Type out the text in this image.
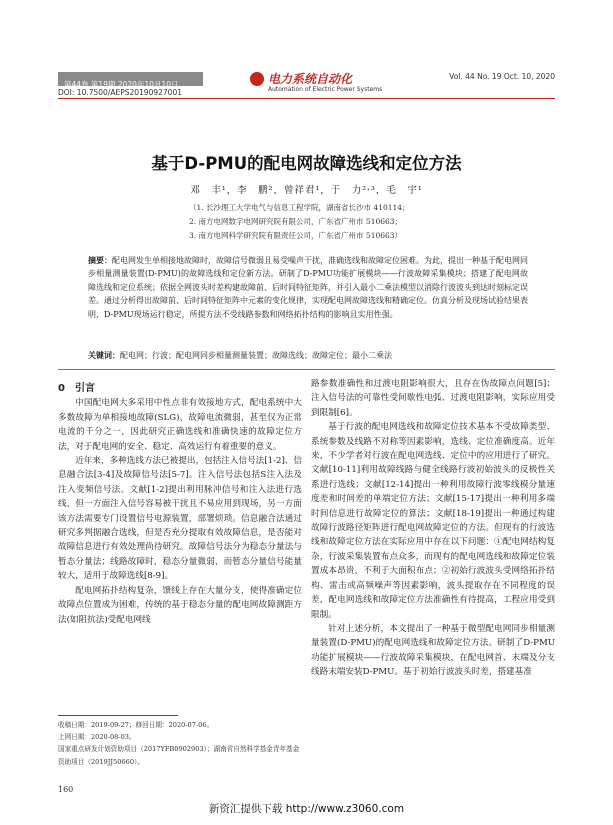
第44卷 第19期 2020年10月10日
DOI: 10.7500/AEPS20190927001
电力系统自动化
Automation of Electric Power Systems
Vol. 44 No. 19 Oct. 10, 2020
基于D-PMU的配电网故障选线和定位方法
邓　丰¹，李　鹏²，曾祥君¹，于　力²˒³，毛　宇¹
（1. 长沙理工大学电气与信息工程学院，湖南省长沙市 410114；
2. 南方电网数字电网研究院有限公司，广东省广州市 510663；
3. 南方电网科学研究院有限责任公司，广东省广州市 510663）
摘要：配电网发生单相接地故障时，故障信号微弱且易受噪声干扰，准确选线和故障定位困难。为此，提出一种基于配电网同步相量测量装置(D-PMU)的故障选线和定位新方法。研制了D-PMU功能扩展模块——行波故障采集模块；搭建了配电网故障选线和定位系统；依据全网波头时差构建故障前、后时间特征矩阵，并引入最小二乘法模型以消除行波波头到达时刻标定误差。通过分析得出故障前、后时间特征矩阵中元素的变化规律，实现配电网故障选线和精确定位。仿真分析及现场试验结果表明，D-PMU现场运行稳定，所提方法不受线路参数和网络拓扑结构的影响且实用性强。
关键词：配电网；行波；配电网同步相量测量装置；故障选线；故障定位；最小二乘法

0　引言

中国配电网大多采用中性点非有效接地方式，配电系统中大多数故障为单相接地故障(SLG)，故障电流微弱，甚至仅为正常电流的千分之一，因此研究正确选线和准确快速的故障定位方法，对于配电网的安全、稳定、高效运行有着重要的意义。

近年来，多种选线方法已被提出，包括注入信号法[1-2]、信息融合法[3-4]及故障信号法[5-7]。注入信号法包括S注入法及注入变频信号法。文献[1-2]提出利用脉冲信号和注入法进行选线，但一方面注入信号容易被干扰且不易应用到现场，另一方面该方法需要专门设置信号电源装置，部署烦琐。信息融合法通过研究多判据融合选线，但是否充分提取有效故障信息，是否能对故障信息进行有效处理尚待研究。故障信号法分为稳态分量法与暂态分量法；线路故障时，稳态分量微弱，而暂态分量信号能量较大，适用于故障选线[8-9]。

配电网拓扑结构复杂，馈线上存在大量分支，使得准确定位故障点位置成为困难，传统的基于稳态分量的配电网故障测距方法(如阻抗法)受配电网线

路参数准确性和过渡电阻影响很大，且存在伪故障点问题[5]；注入信号法的可靠性受间歇性电弧、过渡电阻影响，实际应用受到限制[6]。

基于行波的配电网选线和故障定位技术基本不受故障类型、系统参数及线路不对称等因素影响，选线、定位准确度高。近年来，不少学者对行波在配电网选线、定位中的应用进行了研究。文献[10-11]利用故障线路与健全线路行波初始波头的反极性关系进行选线；文献[12-14]提出一种利用故障行波零线模分量速度差和时间差的单端定位方法；文献[15-17]提出一种利用多端时间信息进行故障定位的算法；文献[18-19]提出一种通过构建故障行波路径矩阵进行配电网故障定位的方法。但现有的行波选线和故障定位方法在实际应用中存在以下问题：①配电网结构复杂，行波采集装置布点众多，而现有的配电网选线和故障定位装置成本昂贵，不利于大面积布点；②初始行波波头受网络拓扑结构、雷击或高频噪声等因素影响，波头提取存在不同程度的误差，配电网选线和故障定位方法准确性有待提高，工程应用受到限制。

针对上述分析，本文提出了一种基于微型配电网同步相量测量装置(D-PMU)的配电网选线和故障定位方法。研制了D-PMU功能扩展模块——行波故障采集模块，在配电网首、末端及分支线路末端安装D-PMU。基于初始行波波头时差，搭建基准

收稿日期：2019-09-27；修回日期：2020-07-06。
上网日期：2020-08-03。
国家重点研发计划资助项目（2017YFB0902903）；湖南省自然科学基金青年基金资助项目（2019JJ50660）。
160
新资汇提供下载 http://www.z3060.com
